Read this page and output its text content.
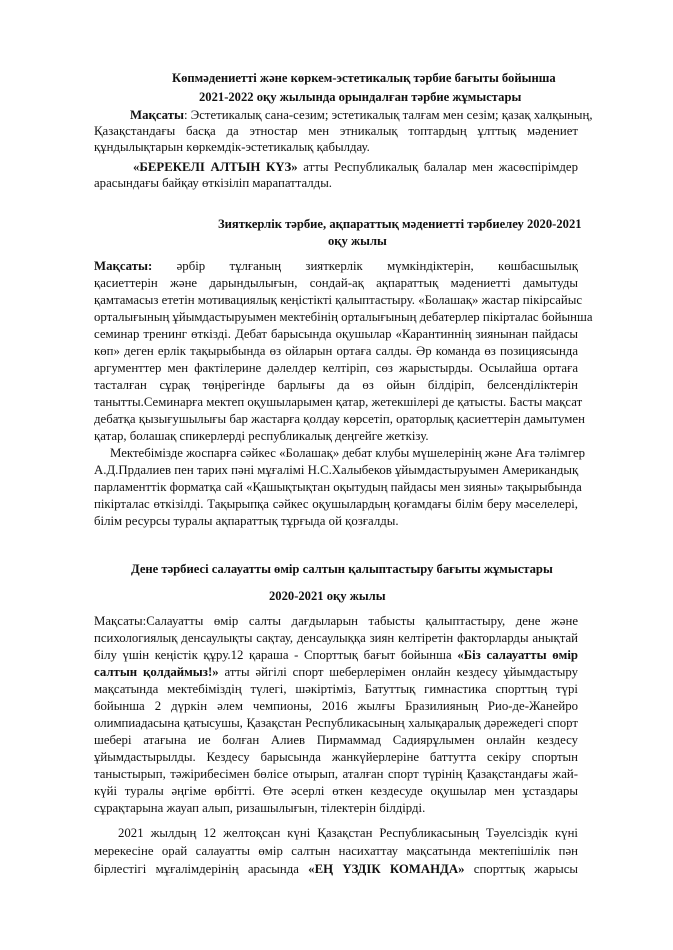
Көпмәдениетті және көркем-эстетикалық тәрбие бағыты бойынша
2021-2022 оқу жылында орындалған тәрбие жұмыстары
Мақсаты: Эстетикалық сана-сезим; эстетикалық талғам мен сезім; қазақ халқының,
Қазақстандағы басқа да этностар мен этникалық топтардың ұлттық мәдениет
құндылықтарын көркемдік-эстетикалық қабылдау.
«БЕРЕКЕЛІ АЛТЫН КҮЗ» атты Республикалық балалар мен жасөспірімдер
арасындағы байқау өткізіліп марапатталды.
Зияткерлік тәрбие, ақпараттық мәдениетті тәрбиелеу 2020-2021
оқу жылы
Мақсаты: әрбір тұлғаның зияткерлік мүмкіндіктерін, көшбасшылық
қасиеттерін және дарындылығын, сондай-ақ ақпараттық мәдениетті дамытуды
қамтамасыз ететін мотивациялық кеңістікті қалыптастыру. «Болашақ» жастар пікірсайыс
орталығының ұйымдастыруымен мектебінің орталығының дебатерлер пікірталас бойынша
семинар тренинг өткізді. Дебат барысында оқушылар «Карантиннің зиянынан пайдасы
көп» деген ерлік тақырыбында өз ойларын ортаға салды. Әр команда өз позициясында
аргументтер мен фактілерине дәлелдер келтіріп, сөз жарыстырды. Осылайша ортаға
тасталған сұрақ төңірегінде барлығы да өз ойын білдіріп, белсенділіктерін
танытты.Семинарға мектеп оқушыларымен қатар, жетекшілері де қатысты. Басты мақсат
дебатқа қызығушылығы бар жастарға қолдау көрсетіп, ораторлық қасиеттерін дамытумен
қатар, болашақ спикерлерді республикалық деңгейге жеткізу.
Мектебімізде жоспарға сәйкес «Болашақ» дебат клубы мүшелерінің және Аға тәлімгер
А.Д.Прдалиев пен тарих пәні мұғалімі Н.С.Халыбеков ұйымдастыруымен Американдық
парламенттік форматқа сай «Қашықтықтан оқытудың пайдасы мен зияны» тақырыбында
пікірталас өткізілді. Тақырыпқа сәйкес оқушылардың қоғамдағы білім беру мәселелері,
білім ресурсы туралы ақпараттық тұрғыда ой қозғалды.
Дене тәрбиесі салауатты өмір салтын қалыптастыру бағыты жұмыстары
2020-2021 оқу жылы
Мақсаты:Салауатты өмір салты дағдыларын табысты қалыптастыру, дене және
психологиялық денсаулықты сақтау, денсаулыққа зиян келтіретін факторларды анықтай
білу үшін кеңістік құру.12 қараша - Спорттық бағыт бойынша «Біз салауатты өмір
салтын қолдаймыз!» атты әйгілі спорт шеберлерімен онлайн кездесу ұйымдастыру
мақсатында мектебіміздің түлегі, шәкіртіміз, Батуттық гимнастика спорттың түрі
бойынша 2 дүркін әлем чемпионы, 2016 жылғы Бразилияның Рио-де-Жанейро
олимпиадасына қатысушы, Қазақстан Республикасының халықаралық дәрежедегі спорт
шебері атағына ие болған Алиев Пирмаммад Садиярұлымен онлайн кездесу
ұйымдастырылды. Кездесу барысында жанкүйерлеріне баттутта секіру спортын
таныстырып, тәжірибесімен бөлісе отырып, аталған спорт түрінің Қазақстандағы жай-
күйі туралы әңгіме өрбітті. Өте әсерлі өткен кездесуде оқушылар мен ұстаздары
сұрақтарына жауап алып, ризашылығын, тілектерін білдірді.
2021 жылдың 12 желтоқсан күні Қазақстан Республикасының Тәуелсіздік күні
мерекесіне орай салауатты өмір салтын насихаттау мақсатында мектепішілік пән
бірлестігі мұғалімдерінің арасында «ЕҢ ҮЗДІК КОМАНДА» спорттық жарысы
